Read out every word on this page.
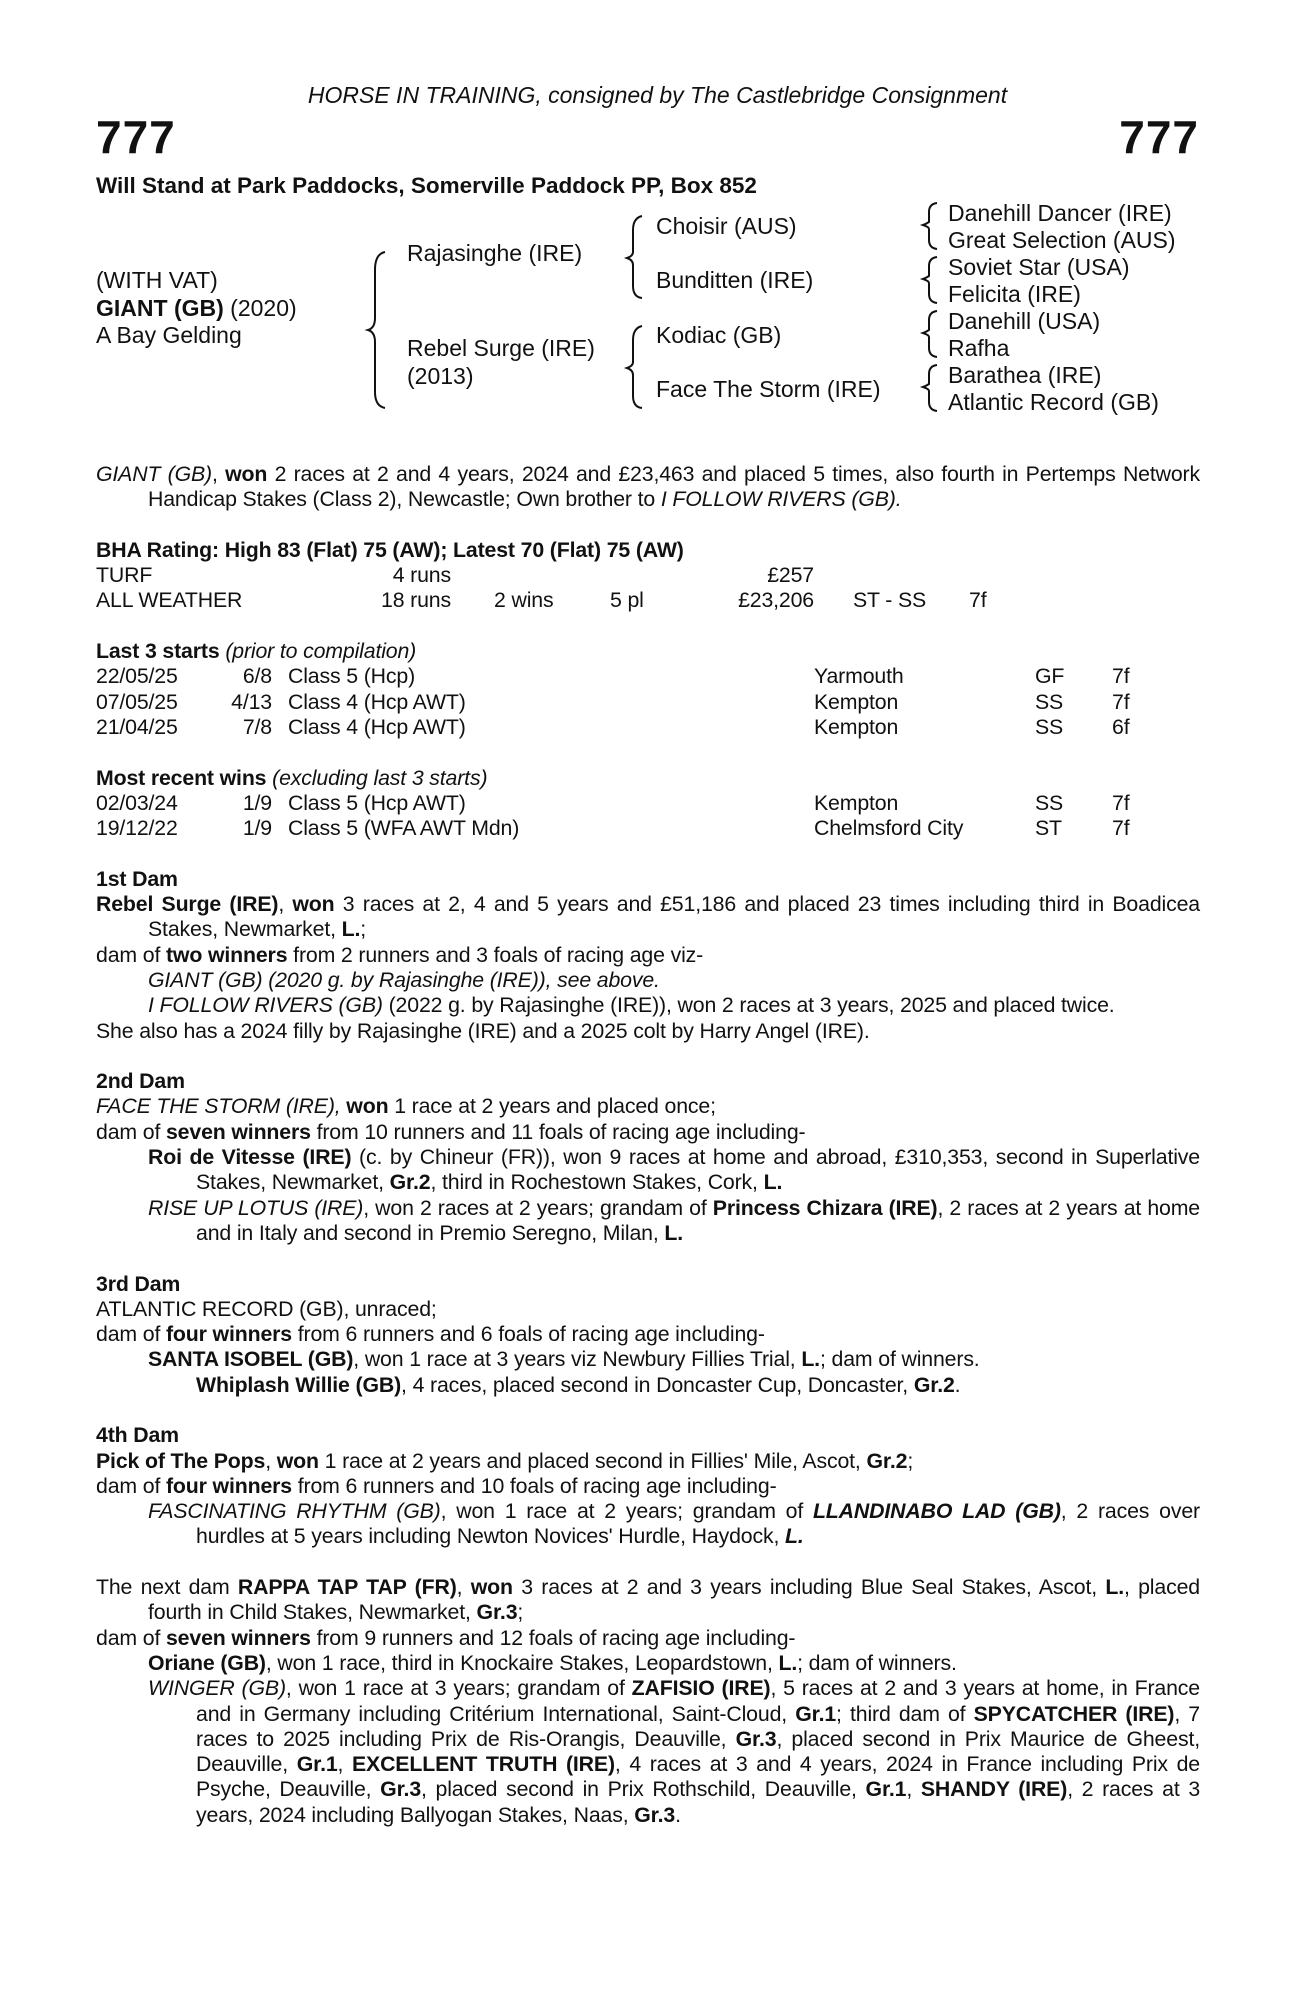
HORSE IN TRAINING, consigned by The Castlebridge Consignment
777	777
Will Stand at Park Paddocks, Somerville Paddock PP, Box 852
(WITH VAT)
GIANT (GB) (2020)
A Bay Gelding
Rajasinghe (IRE)
Rebel Surge (IRE)
(2013)
Choisir (AUS)
Bunditten (IRE)
Kodiac (GB)
Face The Storm (IRE)
Danehill Dancer (IRE)
Great Selection (AUS)
Soviet Star (USA)
Felicita (IRE)
Danehill (USA)
Rafha
Barathea (IRE)
Atlantic Record (GB)
GIANT (GB), won 2 races at 2 and 4 years, 2024 and £23,463 and placed 5 times, also fourth in Pertemps Network Handicap Stakes (Class 2), Newcastle; Own brother to I FOLLOW RIVERS (GB).
BHA Rating: High 83 (Flat) 75 (AW); Latest 70 (Flat) 75 (AW)
TURF	4 runs	£257
ALL WEATHER	18 runs 2 wins	5 pl	£23,206 ST - SS 7f
Last 3 starts (prior to compilation)
22/05/25	6/8 Class 5 (Hcp)	Yarmouth	GF 7f
07/05/25	4/13 Class 4 (Hcp AWT)	Kempton	SS 7f
21/04/25	7/8 Class 4 (Hcp AWT)	Kempton	SS 6f
Most recent wins (excluding last 3 starts)
02/03/24	1/9 Class 5 (Hcp AWT)	Kempton	SS 7f
19/12/22	1/9 Class 5 (WFA AWT Mdn)	Chelmsford City	ST 7f
1st Dam
Rebel Surge (IRE), won 3 races at 2, 4 and 5 years and £51,186 and placed 23 times including third in Boadicea Stakes, Newmarket, L.;
dam of two winners from 2 runners and 3 foals of racing age viz-
GIANT (GB) (2020 g. by Rajasinghe (IRE)), see above.
I FOLLOW RIVERS (GB) (2022 g. by Rajasinghe (IRE)), won 2 races at 3 years, 2025 and placed twice.
She also has a 2024 filly by Rajasinghe (IRE) and a 2025 colt by Harry Angel (IRE).
2nd Dam
FACE THE STORM (IRE), won 1 race at 2 years and placed once;
dam of seven winners from 10 runners and 11 foals of racing age including-
Roi de Vitesse (IRE) (c. by Chineur (FR)), won 9 races at home and abroad, £310,353, second in Superlative Stakes, Newmarket, Gr.2, third in Rochestown Stakes, Cork, L.
RISE UP LOTUS (IRE), won 2 races at 2 years; grandam of Princess Chizara (IRE), 2 races at 2 years at home and in Italy and second in Premio Seregno, Milan, L.
3rd Dam
ATLANTIC RECORD (GB), unraced;
dam of four winners from 6 runners and 6 foals of racing age including-
SANTA ISOBEL (GB), won 1 race at 3 years viz Newbury Fillies Trial, L.; dam of winners.
Whiplash Willie (GB), 4 races, placed second in Doncaster Cup, Doncaster, Gr.2.
4th Dam
Pick of The Pops, won 1 race at 2 years and placed second in Fillies' Mile, Ascot, Gr.2;
dam of four winners from 6 runners and 10 foals of racing age including-
FASCINATING RHYTHM (GB), won 1 race at 2 years; grandam of LLANDINABO LAD (GB), 2 races over hurdles at 5 years including Newton Novices' Hurdle, Haydock, L.
The next dam RAPPA TAP TAP (FR), won 3 races at 2 and 3 years including Blue Seal Stakes, Ascot, L., placed fourth in Child Stakes, Newmarket, Gr.3;
dam of seven winners from 9 runners and 12 foals of racing age including-
Oriane (GB), won 1 race, third in Knockaire Stakes, Leopardstown, L.; dam of winners.
WINGER (GB), won 1 race at 3 years; grandam of ZAFISIO (IRE), 5 races at 2 and 3 years at home, in France and in Germany including Critérium International, Saint-Cloud, Gr.1; third dam of SPYCATCHER (IRE), 7 races to 2025 including Prix de Ris-Orangis, Deauville, Gr.3, placed second in Prix Maurice de Gheest, Deauville, Gr.1, EXCELLENT TRUTH (IRE), 4 races at 3 and 4 years, 2024 in France including Prix de Psyche, Deauville, Gr.3, placed second in Prix Rothschild, Deauville, Gr.1, SHANDY (IRE), 2 races at 3 years, 2024 including Ballyogan Stakes, Naas, Gr.3.
